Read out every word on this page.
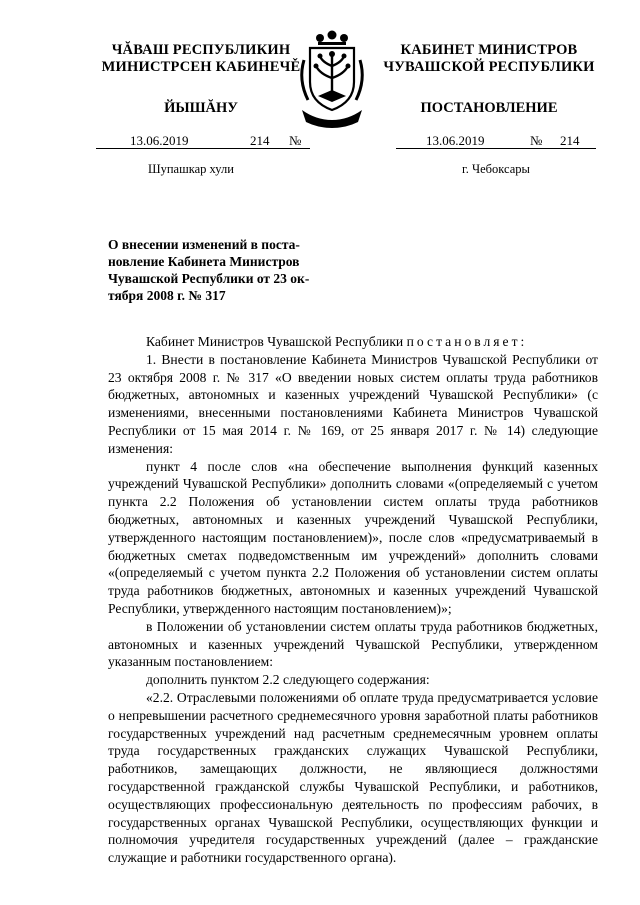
ЧĂВАШ РЕСПУБЛИКИН
МИНИСТРСЕН КАБИНЕЧĚ
ЙЫШĂНУ
КАБИНЕТ МИНИСТРОВ
ЧУВАШСКОЙ РЕСПУБЛИКИ
ПОСТАНОВЛЕНИЕ
13.06.2019	214 №	13.06.2019	№ 214
Шупашкар хули	г. Чебоксары
О внесении изменений в поста-
новление Кабинета Министров
Чувашской Республики от 23 ок-
тября 2008 г. № 317

Кабинет Министров Чувашской Республики постановляет:

1. Внести в постановление Кабинета Министров Чувашской Республики от 23 октября 2008 г. № 317 «О введении новых систем оплаты труда работников бюджетных, автономных и казенных учреждений Чувашской Республики» (с изменениями, внесенными постановлениями Кабинета Министров Чувашской Республики от 15 мая 2014 г. № 169, от 25 января 2017 г. № 14) следующие изменения:

пункт 4 после слов «на обеспечение выполнения функций казенных учреждений Чувашской Республики» дополнить словами «(определяемый с учетом пункта 2.2 Положения об установлении систем оплаты труда работников бюджетных, автономных и казенных учреждений Чувашской Республики, утвержденного настоящим постановлением)», после слов «предусматриваемый в бюджетных сметах подведомственным им учреждений» дополнить словами «(определяемый с учетом пункта 2.2 Положения об установлении систем оплаты труда работников бюджетных, автономных и казенных учреждений Чувашской Республики, утвержденного настоящим постановлением)»;

в Положении об установлении систем оплаты труда работников бюджетных, автономных и казенных учреждений Чувашской Республики, утвержденном указанным постановлением:

дополнить пунктом 2.2 следующего содержания:

«2.2. Отраслевыми положениями об оплате труда предусматривается условие о непревышении расчетного среднемесячного уровня заработной платы работников государственных учреждений над расчетным среднемесячным уровнем оплаты труда государственных гражданских служащих Чувашской Республики, работников, замещающих должности, не являющиеся должностями государственной гражданской службы Чувашской Республики, и работников, осуществляющих профессиональную деятельность по профессиям рабочих, в государственных органах Чувашской Республики, осуществляющих функции и полномочия учредителя государственных учреждений (далее – гражданские служащие и работники государственного органа).
